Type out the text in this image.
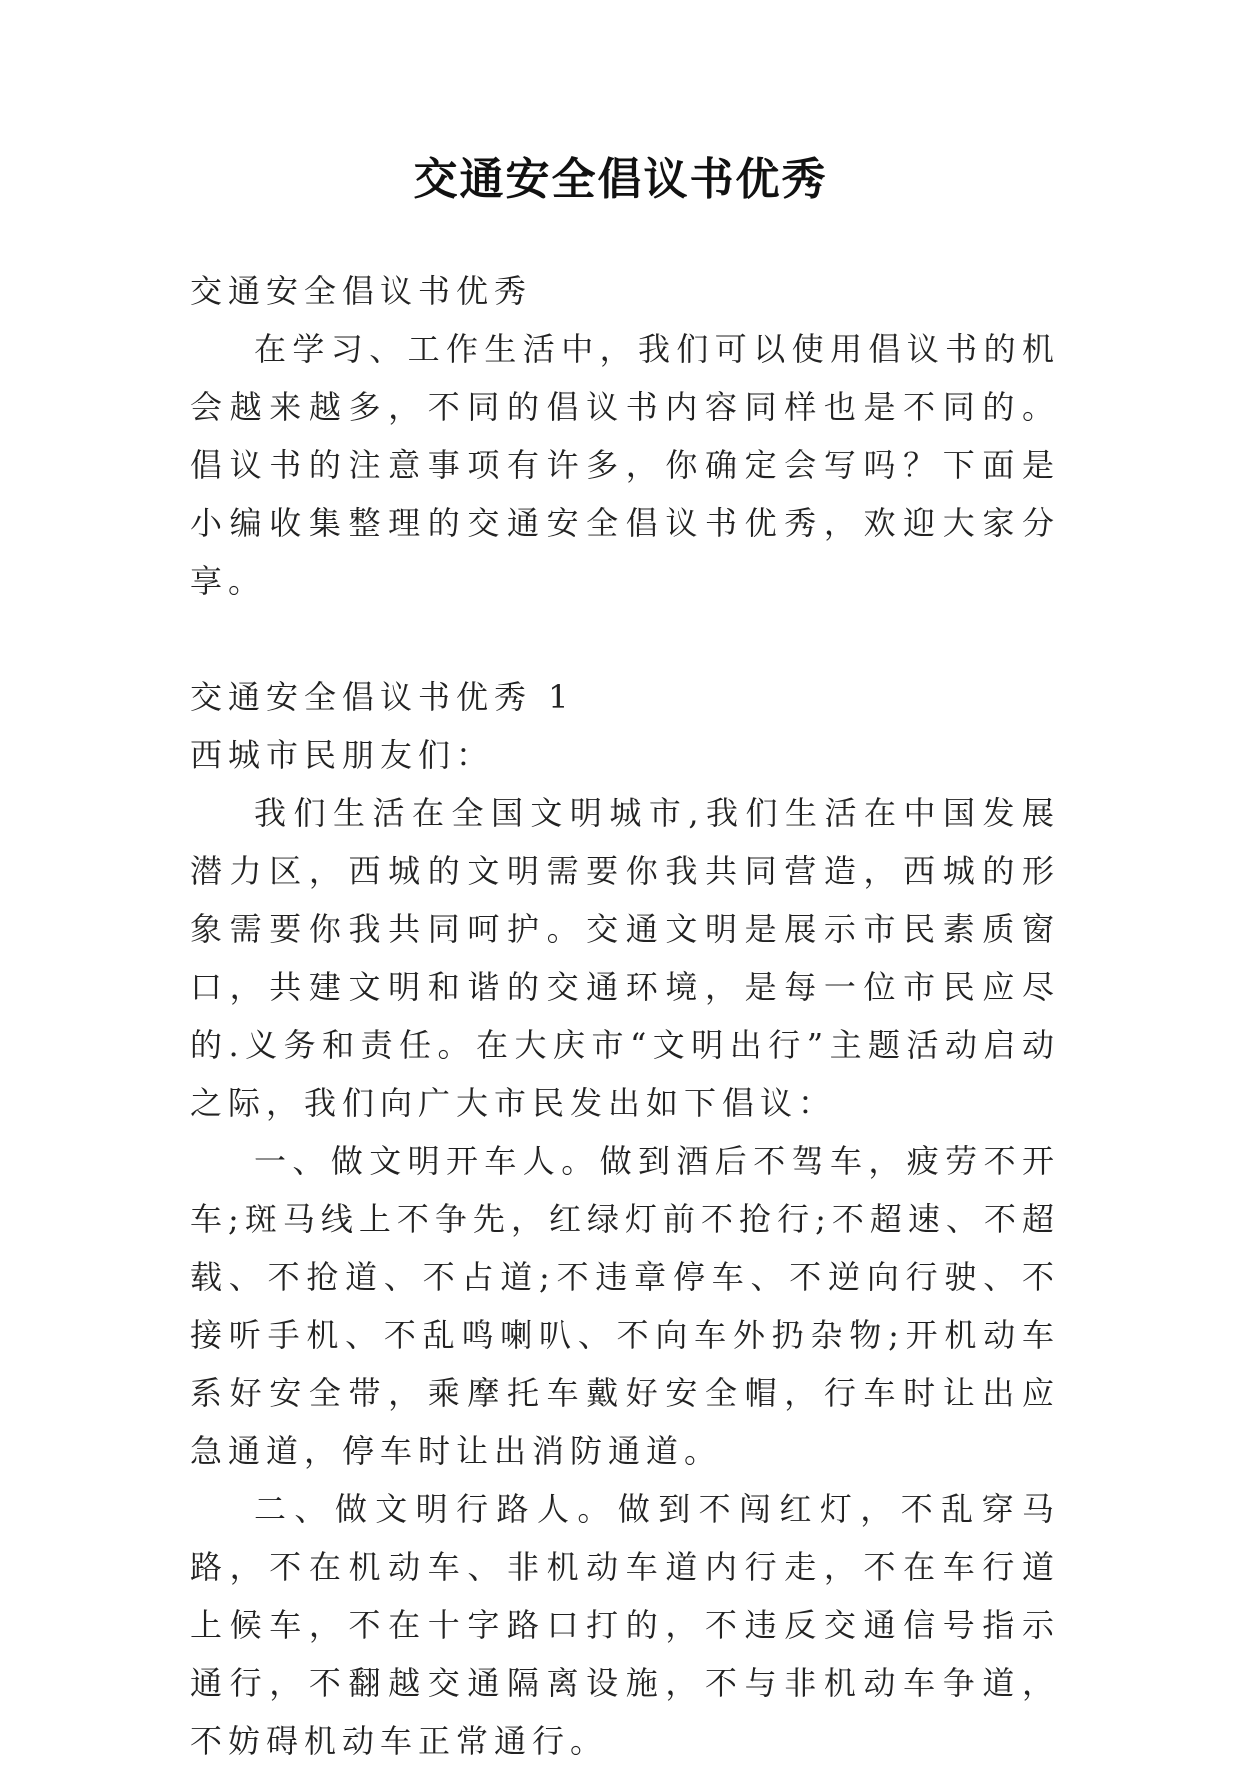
交通安全倡议书优秀

交通安全倡议书优秀

在学习、工作生活中，我们可以使用倡议书的机会越来越多，不同的倡议书内容同样也是不同的。倡议书的注意事项有许多，你确定会写吗？下面是小编收集整理的交通安全倡议书优秀，欢迎大家分享。

交通安全倡议书优秀 1

西城市民朋友们：

我们生活在全国文明城市,我们生活在中国发展潜力区，西城的文明需要你我共同营造，西城的形象需要你我共同呵护。交通文明是展示市民素质窗口，共建文明和谐的交通环境，是每一位市民应尽的.义务和责任。在大庆市“文明出行”主题活动启动之际，我们向广大市民发出如下倡议：

一、做文明开车人。做到酒后不驾车，疲劳不开车;斑马线上不争先，红绿灯前不抢行;不超速、不超载、不抢道、不占道;不违章停车、不逆向行驶、不接听手机、不乱鸣喇叭、不向车外扔杂物;开机动车系好安全带，乘摩托车戴好安全帽，行车时让出应急通道，停车时让出消防通道。

二、做文明行路人。做到不闯红灯，不乱穿马路，不在机动车、非机动车道内行走，不在车行道上候车，不在十字路口打的，不违反交通信号指示通行，不翻越交通隔离设施，不与非机动车争道，不妨碍机动车正常通行。
